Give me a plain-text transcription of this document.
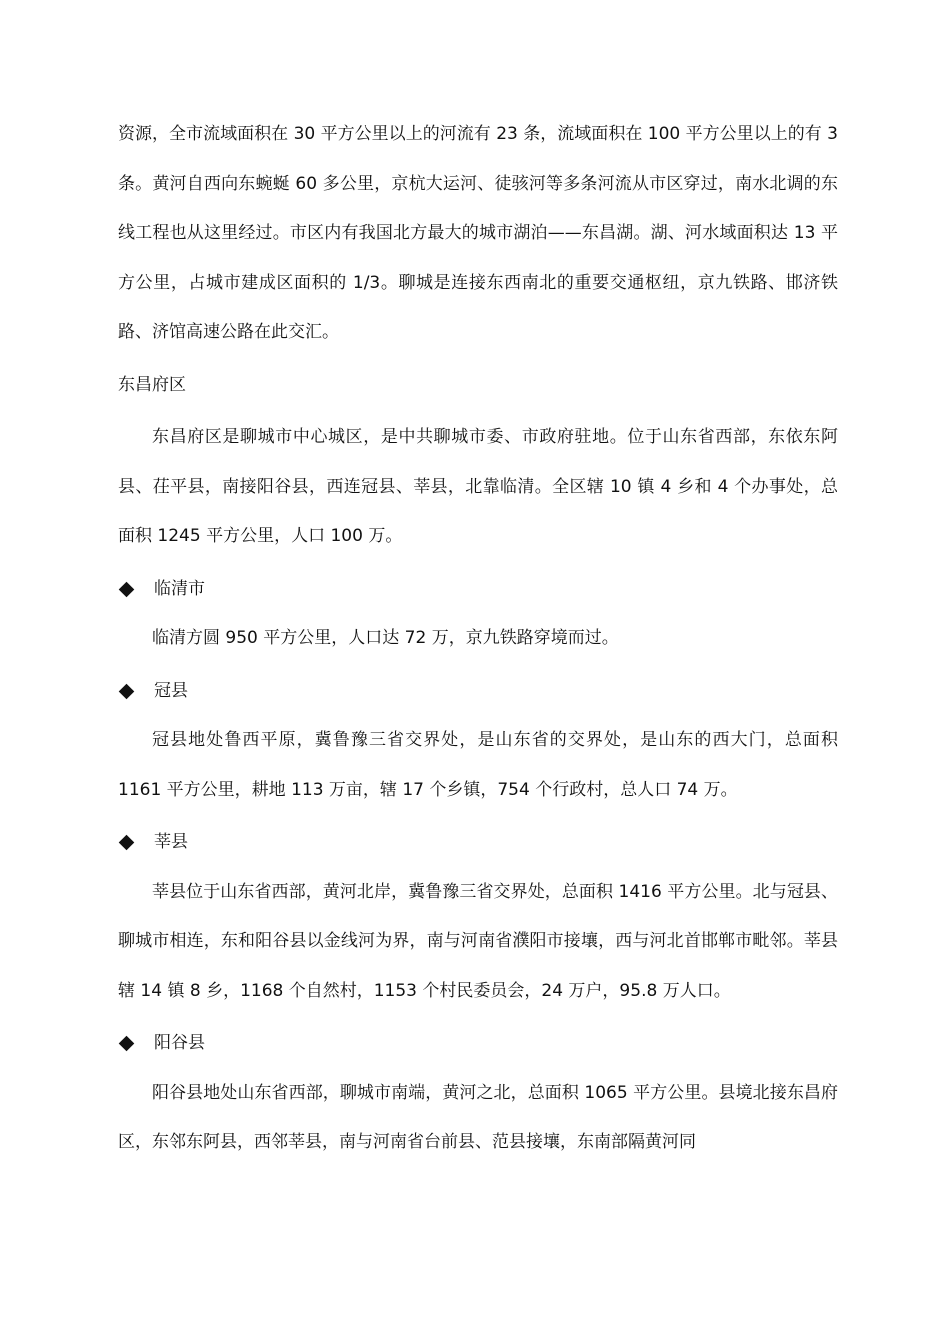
资源，全市流域面积在 30 平方公里以上的河流有 23 条，流域面积在 100 平方公里以上的有 3 条。黄河自西向东蜿蜒 60 多公里，京杭大运河、徒骇河等多条河流从市区穿过，南水北调的东线工程也从这里经过。市区内有我国北方最大的城市湖泊——东昌湖。湖、河水域面积达 13 平方公里，占城市建成区面积的 1/3。聊城是连接东西南北的重要交通枢纽，京九铁路、邯济铁路、济馆高速公路在此交汇。

东昌府区

东昌府区是聊城市中心城区，是中共聊城市委、市政府驻地。位于山东省西部，东依东阿县、茌平县，南接阳谷县，西连冠县、莘县，北靠临清。全区辖 10 镇 4 乡和 4 个办事处，总面积 1245 平方公里，人口 100 万。

临清市

临清方圆 950 平方公里，人口达 72 万，京九铁路穿境而过。

冠县

冠县地处鲁西平原，冀鲁豫三省交界处，是山东省的交界处，是山东的西大门，总面积 1161 平方公里，耕地 113 万亩，辖 17 个乡镇，754 个行政村，总人口 74 万。

莘县

莘县位于山东省西部，黄河北岸，冀鲁豫三省交界处，总面积 1416 平方公里。北与冠县、聊城市相连，东和阳谷县以金线河为界，南与河南省濮阳市接壤，西与河北首邯郸市毗邻。莘县辖 14 镇 8 乡，1168 个自然村，1153 个村民委员会，24 万户，95.8 万人口。

阳谷县

阳谷县地处山东省西部，聊城市南端，黄河之北，总面积 1065 平方公里。县境北接东昌府区，东邻东阿县，西邻莘县，南与河南省台前县、范县接壤，东南部隔黄河同
